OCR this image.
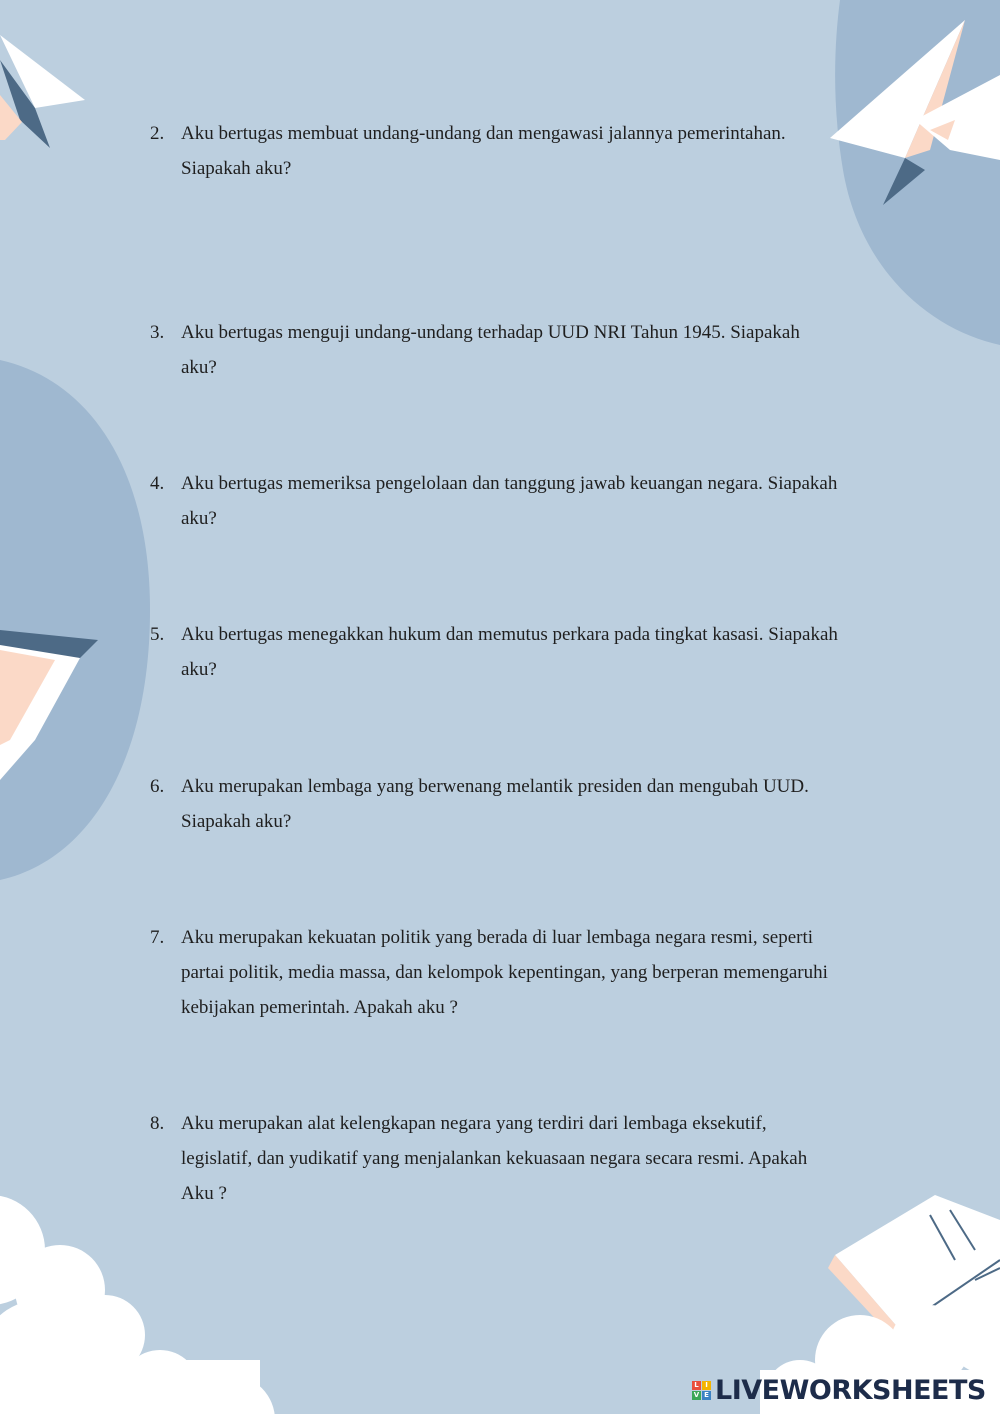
2. Aku bertugas membuat undang-undang dan mengawasi jalannya pemerintahan.
Siapakah aku?
3. Aku bertugas menguji undang-undang terhadap UUD NRI Tahun 1945. Siapakah
aku?
4. Aku bertugas memeriksa pengelolaan dan tanggung jawab keuangan negara. Siapakah
aku?
5. Aku bertugas menegakkan hukum dan memutus perkara pada tingkat kasasi. Siapakah
aku?
6. Aku merupakan lembaga yang berwenang melantik presiden dan mengubah UUD.
Siapakah aku?
7. Aku merupakan kekuatan politik yang berada di luar lembaga negara resmi, seperti
partai politik, media massa, dan kelompok kepentingan, yang berperan memengaruhi
kebijakan pemerintah. Apakah aku ?
8. Aku merupakan alat kelengkapan negara yang terdiri dari lembaga eksekutif,
legislatif, dan yudikatif yang menjalankan kekuasaan negara secara resmi. Apakah
Aku ?
L I
V E LIVEWORKSHEETS
